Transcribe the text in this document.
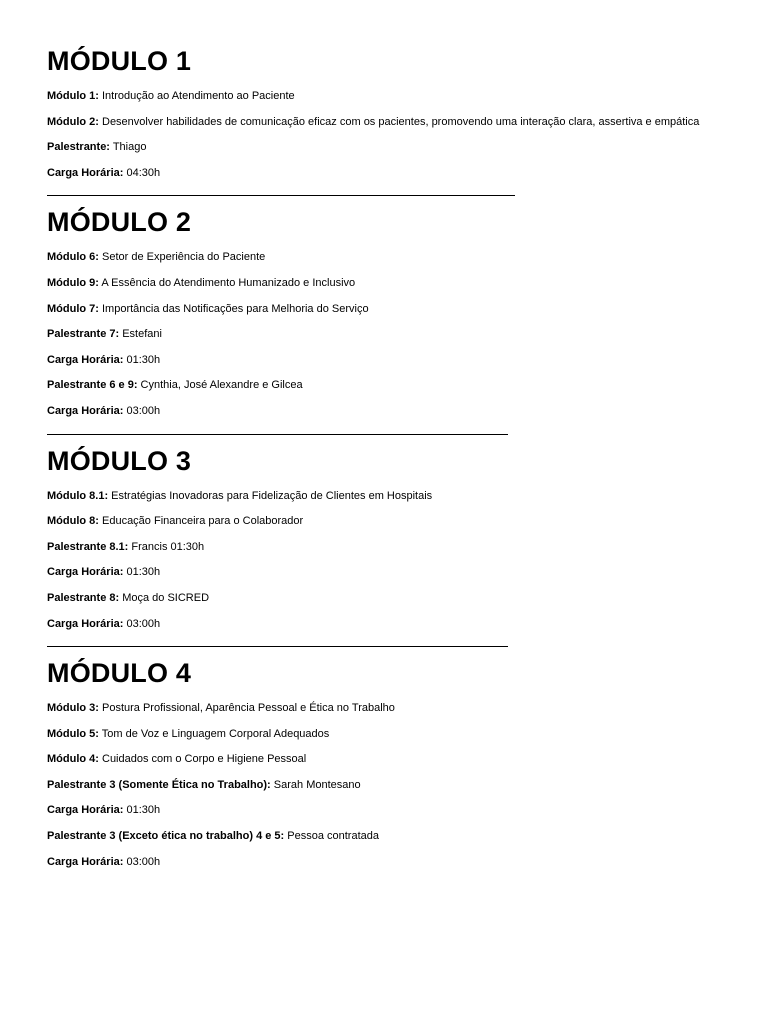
MÓDULO 1

Módulo 1: Introdução ao Atendimento ao Paciente

Módulo 2: Desenvolver habilidades de comunicação eficaz com os pacientes, promovendo uma interação clara, assertiva e empática

Palestrante: Thiago

Carga Horária: 04:30h

MÓDULO 2

Módulo 6: Setor de Experiência do Paciente

Módulo 9: A Essência do Atendimento Humanizado e Inclusivo

Módulo 7: Importância das Notificações para Melhoria do Serviço

Palestrante 7: Estefani

Carga Horária: 01:30h

Palestrante 6 e 9: Cynthia, José Alexandre e Gilcea

Carga Horária: 03:00h

MÓDULO 3

Módulo 8.1: Estratégias Inovadoras para Fidelização de Clientes em Hospitais

Módulo 8: Educação Financeira para o Colaborador

Palestrante 8.1: Francis 01:30h

Carga Horária: 01:30h

Palestrante 8: Moça do SICRED

Carga Horária: 03:00h

MÓDULO 4

Módulo 3: Postura Profissional, Aparência Pessoal e Ética no Trabalho

Módulo 5: Tom de Voz e Linguagem Corporal Adequados

Módulo 4: Cuidados com o Corpo e Higiene Pessoal

Palestrante 3 (Somente Ética no Trabalho): Sarah Montesano

Carga Horária: 01:30h

Palestrante 3 (Exceto ética no trabalho) 4 e 5: Pessoa contratada

Carga Horária: 03:00h
